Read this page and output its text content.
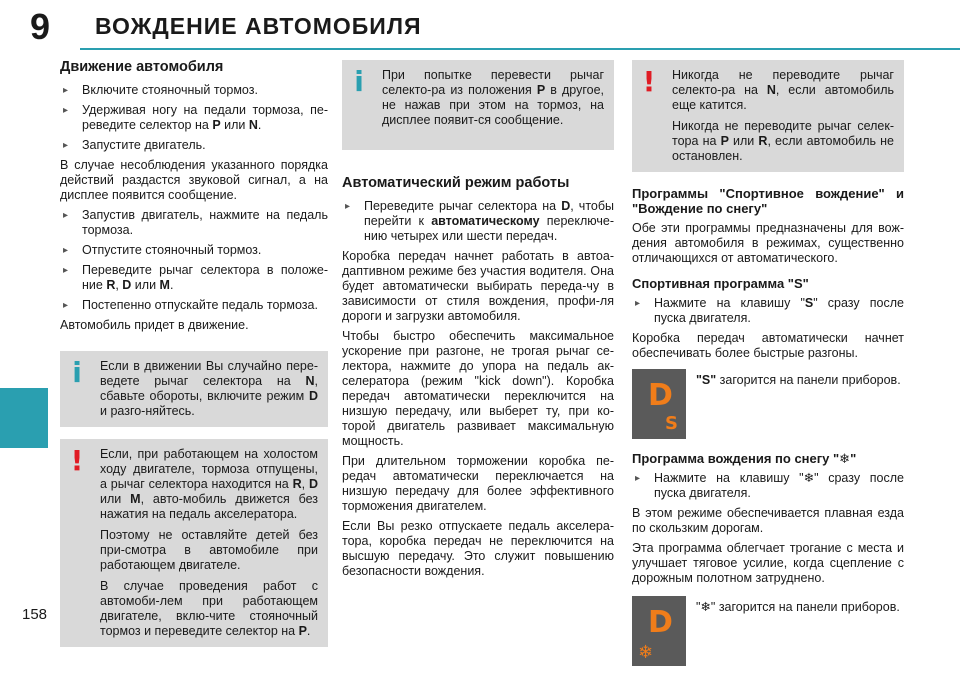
9	ВОЖДЕНИЕ АВТОМОБИЛЯ
158
Движение автомобиля
▸ Включите стояночный тормоз.
▸ Удерживая ногу на педали тормоза, пе-реведите селектор на P или N.
▸ Запустите двигатель.
В случае несоблюдения указанного порядка действий раздастся звуковой сигнал, а на дисплее появится сообщение.
▸ Запустив двигатель, нажмите на педаль тормоза.
▸ Отпустите стояночный тормоз.
▸ Переведите рычаг селектора в положе-ние R, D или M.
▸ Постепенно отпускайте педаль тормоза.
Автомобиль придет в движение.
i	Если в движении Вы случайно пере-ведете рычаг селектора на N, сбавьте обороты, включите режим D и разго-няйтесь.

! Если, при работающем на холостом ходу двигателе, тормоза отпущены, а рычаг селектора находится на R, D или M, авто-мобиль движется без нажатия на педаль акселератора.

Поэтому не оставляйте детей без при-смотра в автомобиле при работающем двигателе.

В случае проведения работ с автомоби-лем при работающем двигателе, вклю-чите стояночный тормоз и переведите селектор на P.

i	При попытке перевести рычаг селекто-ра из положения P в другое, не нажав при этом на тормоз, на дисплее появит-ся сообщение.

Автоматический режим работы
▸ Переведите рычаг селектора на D, чтобы перейти к автоматическому переключе-нию четырех или шести передач.
Коробка передач начнет работать в автоа-даптивном режиме без участия водителя. Она будет автоматически выбирать переда-чу в зависимости от стиля вождения, профи-ля дороги и загрузки автомобиля.
Чтобы быстро обеспечить максимальное ускорение при разгоне, не трогая рычаг се-лектора, нажмите до упора на педаль ак-селератора (режим "kick down"). Коробка передач автоматически переключится на низшую передачу, или выберет ту, при ко-торой двигатель развивает максимальную мощность.
При длительном торможении коробка пе-редач автоматически переключается на низшую передачу для более эффективного торможения двигателем.
Если Вы резко отпускаете педаль акселера-тора, коробка передач не переключится на высшую передачу. Это служит повышению безопасности вождения.
! Никогда не переводите рычаг селекто-ра на N, если автомобиль еще катится.

Никогда не переводите рычаг селек-тора на P или R, если автомобиль не остановлен.

Программы "Спортивное вождение" и "Вождение по снегу"
Обе эти программы предназначены для вож-дения автомобиля в режимах, существенно отличающихся от автоматического.
Спортивная программа "S"
▸ Нажмите на клавишу "S" сразу после пуска двигателя.
Коробка передач автоматически начнет обеспечивать более быстрые разгоны.
D
S
"S" загорится на панели приборов.
Программа вождения по снегу "❄"
▸ Нажмите на клавишу "❄" сразу после пуска двигателя.
В этом режиме обеспечивается плавная езда по скользким дорогам.
Эта программа облегчает трогание с места и улучшает тяговое усилие, когда сцепление с дорожным полотном затруднено.
D
❄
"❄" загорится на панели приборов.
